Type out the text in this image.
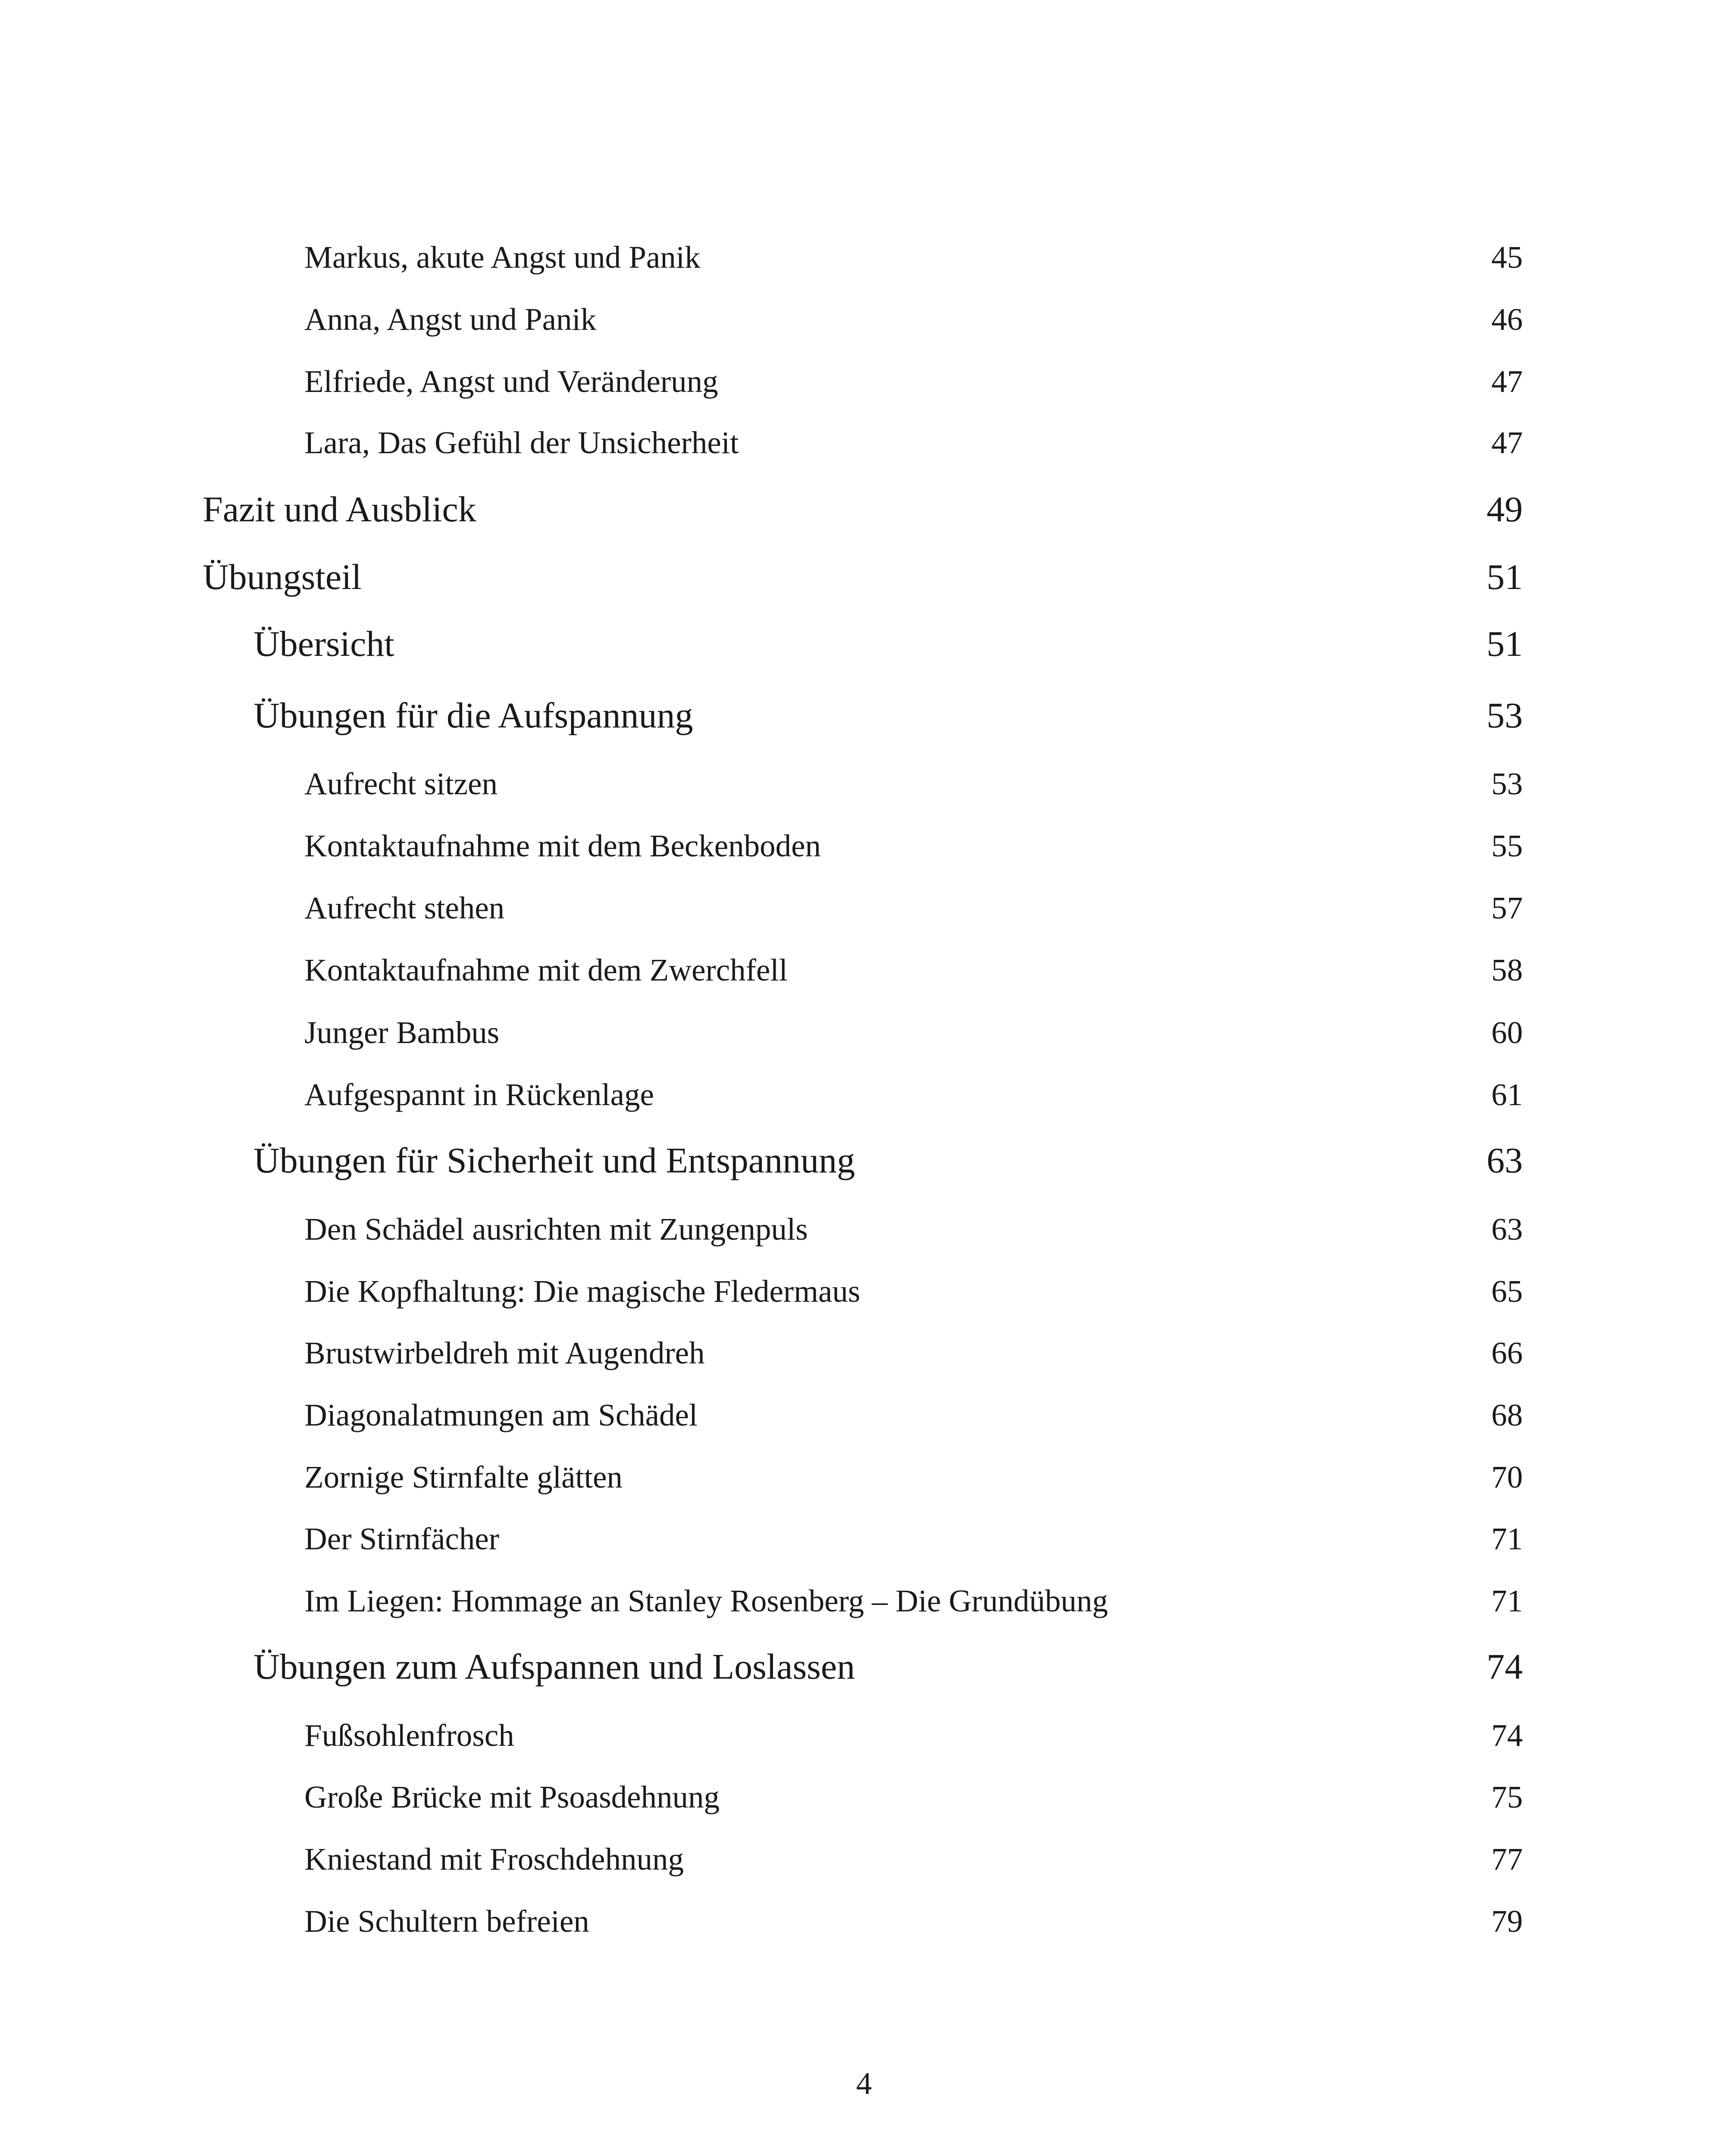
Markus, akute Angst und Panik	45
Anna, Angst und Panik	46
Elfriede, Angst und Veränderung	47
Lara, Das Gefühl der Unsicherheit	47
Fazit und Ausblick	49
Übungsteil	51
Übersicht	51
Übungen für die Aufspannung	53
Aufrecht sitzen	53
Kontaktaufnahme mit dem Beckenboden	55
Aufrecht stehen	57
Kontaktaufnahme mit dem Zwerchfell	58
Junger Bambus	60
Aufgespannt in Rückenlage	61
Übungen für Sicherheit und Entspannung	63
Den Schädel ausrichten mit Zungenpuls	63
Die Kopfhaltung: Die magische Fledermaus	65
Brustwirbeldreh mit Augendreh	66
Diagonalatmungen am Schädel	68
Zornige Stirnfalte glätten	70
Der Stirnfächer	71
Im Liegen: Hommage an Stanley Rosenberg – Die Grundübung	71
Übungen zum Aufspannen und Loslassen	74
Fußsohlenfrosch	74
Große Brücke mit Psoasdehnung	75
Kniestand mit Froschdehnung	77
Die Schultern befreien	79
4
